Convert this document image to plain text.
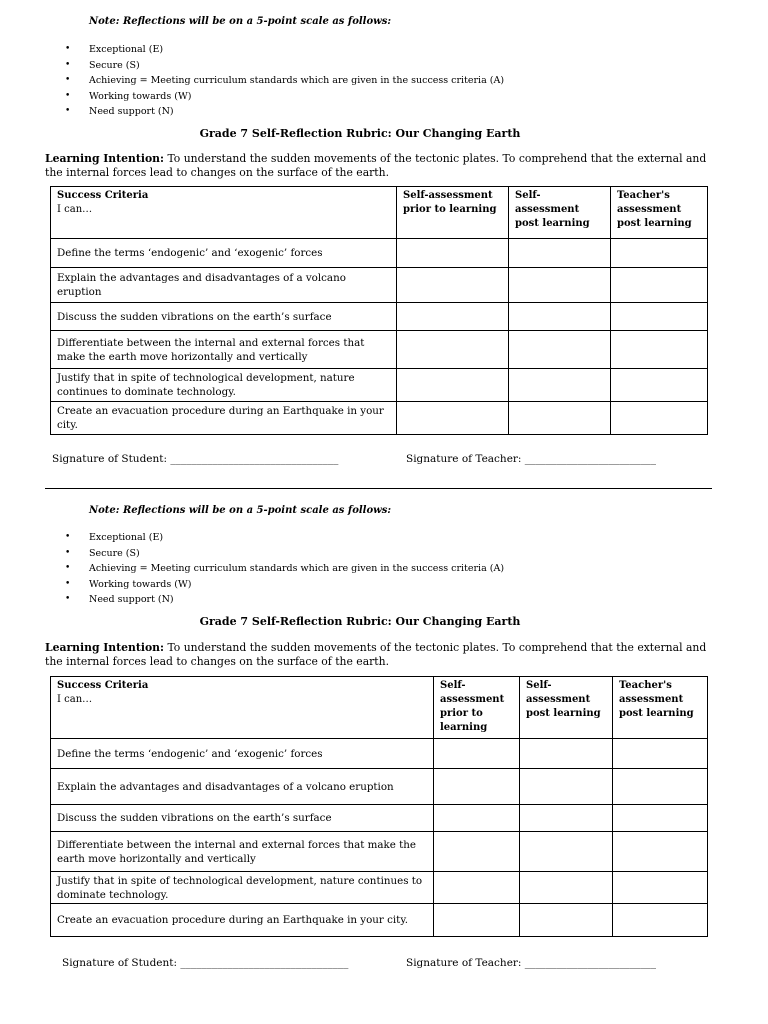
Note: Reflections will be on a 5-point scale as follows:
• Exceptional (E)
• Secure (S)
• Achieving = Meeting curriculum standards which are given in the success criteria (A)
• Working towards (W)
• Need support (N)
Grade 7 Self-Reflection Rubric: Our Changing Earth
Learning Intention: To understand the sudden movements of the tectonic plates. To comprehend that the external and the internal forces lead to changes on the surface of the earth.
Success Criteria
I can…	Self-assessment prior to learning	Self-assessment post learning	Teacher's assessment post learning
Define the terms ‘endogenic’ and ‘exogenic’ forces			
Explain the advantages and disadvantages of a volcano eruption			
Discuss the sudden vibrations on the earth’s surface			
Differentiate between the internal and external forces that make the earth move horizontally and vertically			
Justify that in spite of technological development, nature continues to dominate technology.			
Create an evacuation procedure during an Earthquake in your city.			
Signature of Student: ________________________________	Signature of Teacher: _________________________
Note: Reflections will be on a 5-point scale as follows:
• Exceptional (E)
• Secure (S)
• Achieving = Meeting curriculum standards which are given in the success criteria (A)
• Working towards (W)
• Need support (N)
Grade 7 Self-Reflection Rubric: Our Changing Earth
Learning Intention: To understand the sudden movements of the tectonic plates. To comprehend that the external and the internal forces lead to changes on the surface of the earth.
Success Criteria
I can…	Self-assessment prior to learning	Self-assessment post learning	Teacher's assessment post learning
Define the terms ‘endogenic’ and ‘exogenic’ forces			
Explain the advantages and disadvantages of a volcano eruption			
Discuss the sudden vibrations on the earth’s surface			
Differentiate between the internal and external forces that make the earth move horizontally and vertically			
Justify that in spite of technological development, nature continues to dominate technology.			
Create an evacuation procedure during an Earthquake in your city.			
Signature of Student: ________________________________	Signature of Teacher: _________________________
